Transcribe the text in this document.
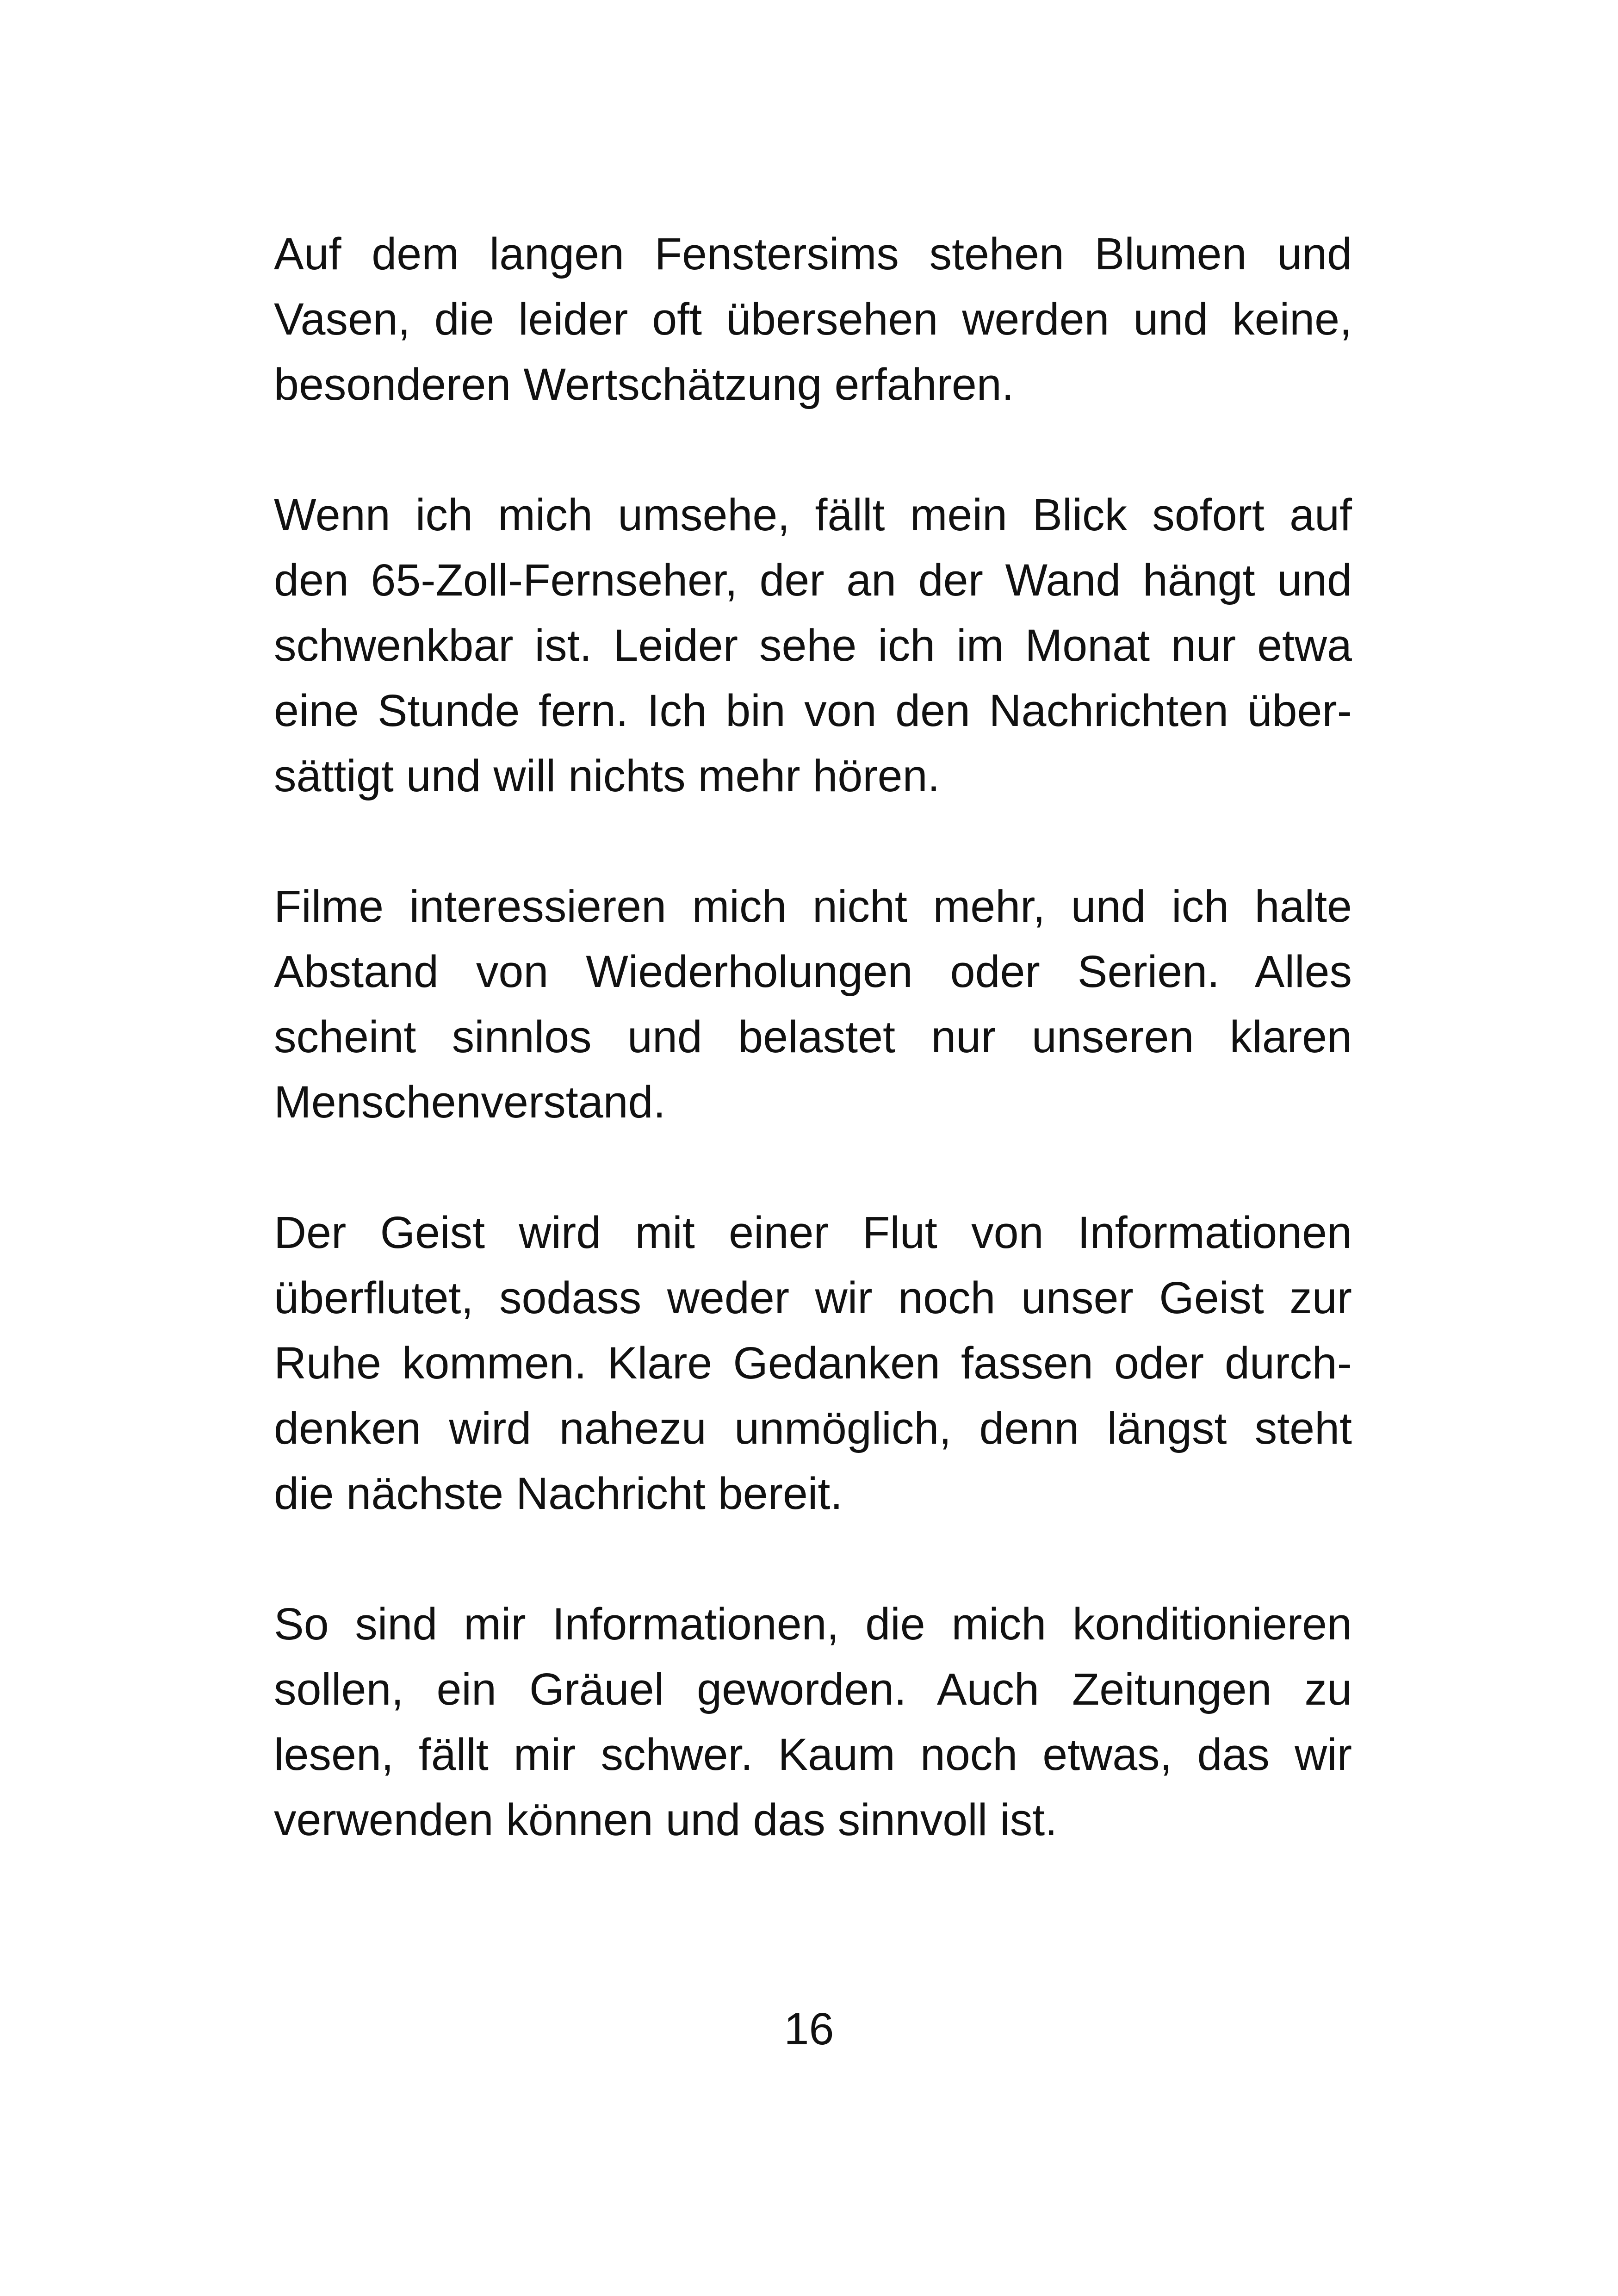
Auf dem langen Fenstersims stehen Blumen und
Vasen, die leider oft übersehen werden und keine,
besonderen Wertschätzung erfahren.

Wenn ich mich umsehe, fällt mein Blick sofort auf
den 65-Zoll-Fernseher, der an der Wand hängt und
schwenkbar ist. Leider sehe ich im Monat nur etwa
eine Stunde fern. Ich bin von den Nachrichten über-
sättigt und will nichts mehr hören.

Filme interessieren mich nicht mehr, und ich halte
Abstand von Wiederholungen oder Serien. Alles
scheint sinnlos und belastet nur unseren klaren
Menschenverstand.

Der Geist wird mit einer Flut von Informationen
überflutet, sodass weder wir noch unser Geist zur
Ruhe kommen. Klare Gedanken fassen oder durch-
denken wird nahezu unmöglich, denn längst steht
die nächste Nachricht bereit.

So sind mir Informationen, die mich konditionieren
sollen, ein Gräuel geworden. Auch Zeitungen zu
lesen, fällt mir schwer. Kaum noch etwas, das wir
verwenden können und das sinnvoll ist.

16
